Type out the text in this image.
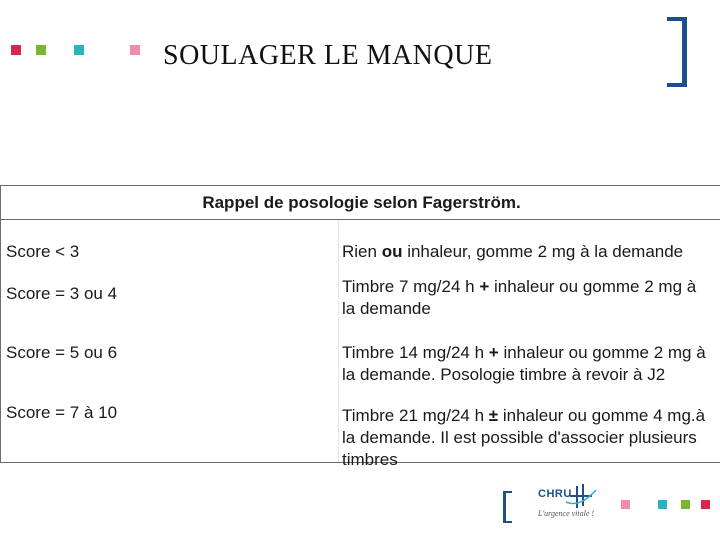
SOULAGER LE MANQUE
Rappel de posologie selon Fagerström.
Score < 3	Rien ou inhaleur, gomme 2 mg à la demande
Score = 3 ou 4	Timbre 7 mg/24 h + inhaleur ou gomme 2 mg à la demande
Score = 5 ou 6	Timbre 14 mg/24 h + inhaleur ou gomme 2 mg à la demande. Posologie timbre à revoir à J2
Score = 7 à 10	Timbre 21 mg/24 h ± inhaleur ou gomme 4 mg.à la demande. Il est possible d'associer plusieurs timbres
CHRU
L'urgence vitale !
